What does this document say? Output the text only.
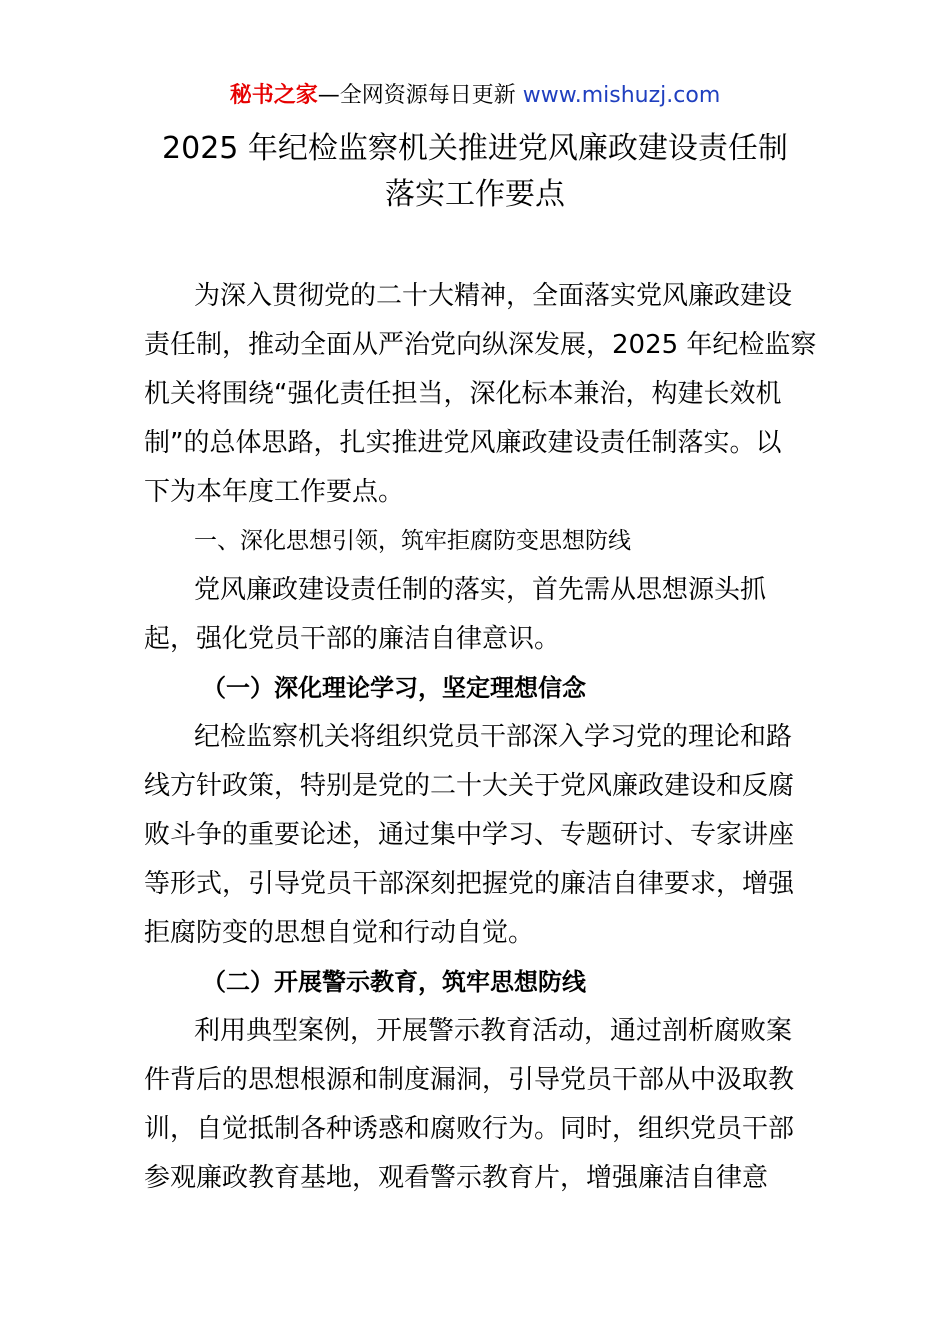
秘书之家—全网资源每日更新 www.mishuzj.com
2025 年纪检监察机关推进党风廉政建设责任制
落实工作要点
为深入贯彻党的二十大精神，全面落实党风廉政建设
责任制，推动全面从严治党向纵深发展，2025 年纪检监察
机关将围绕“强化责任担当，深化标本兼治，构建长效机
制”的总体思路，扎实推进党风廉政建设责任制落实。以
下为本年度工作要点。
一、深化思想引领，筑牢拒腐防变思想防线
党风廉政建设责任制的落实，首先需从思想源头抓
起，强化党员干部的廉洁自律意识。
（一）深化理论学习，坚定理想信念
纪检监察机关将组织党员干部深入学习党的理论和路
线方针政策，特别是党的二十大关于党风廉政建设和反腐
败斗争的重要论述，通过集中学习、专题研讨、专家讲座
等形式，引导党员干部深刻把握党的廉洁自律要求，增强
拒腐防变的思想自觉和行动自觉。
（二）开展警示教育，筑牢思想防线
利用典型案例，开展警示教育活动，通过剖析腐败案
件背后的思想根源和制度漏洞，引导党员干部从中汲取教
训，自觉抵制各种诱惑和腐败行为。同时，组织党员干部
参观廉政教育基地，观看警示教育片，增强廉洁自律意
